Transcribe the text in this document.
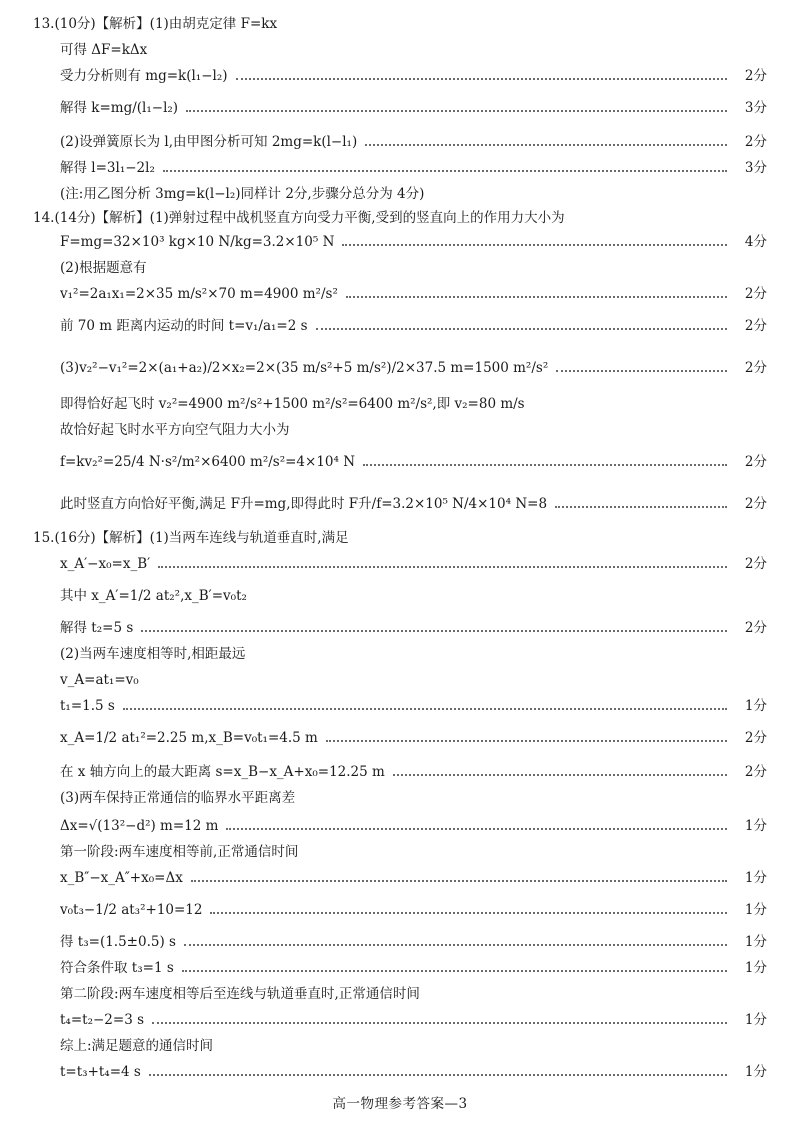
13.(10分)【解析】(1)由胡克定律 F=kx
可得 ΔF=kΔx
受力分析则有 mg=k(l₁−l₂)	2分
解得 k=mg/(l₁−l₂)	3分
(2)设弹簧原长为 l,由甲图分析可知 2mg=k(l−l₁)	2分
解得 l=3l₁−2l₂	3分
(注:用乙图分析 3mg=k(l−l₂)同样计 2分,步骤分总分为 4分)
14.(14分)【解析】(1)弹射过程中战机竖直方向受力平衡,受到的竖直向上的作用力大小为
F=mg=32×10³ kg×10 N/kg=3.2×10⁵ N	4分
(2)根据题意有
v₁²=2a₁x₁=2×35 m/s²×70 m=4900 m²/s²	2分
前 70 m 距离内运动的时间 t=v₁/a₁=2 s	2分
(3)v₂²−v₁²=2×(a₁+a₂)/2×x₂=2×(35 m/s²+5 m/s²)/2×37.5 m=1500 m²/s²	2分
即得恰好起飞时 v₂²=4900 m²/s²+1500 m²/s²=6400 m²/s²,即 v₂=80 m/s
故恰好起飞时水平方向空气阻力大小为
f=kv₂²=25/4 N·s²/m²×6400 m²/s²=4×10⁴ N	2分
此时竖直方向恰好平衡,满足 F升=mg,即得此时 F升/f=3.2×10⁵ N/4×10⁴ N=8	2分
15.(16分)【解析】(1)当两车连线与轨道垂直时,满足
x_A′−x₀=x_B′	2分
其中 x_A′=1/2 at₂²,x_B′=v₀t₂
解得 t₂=5 s	2分
(2)当两车速度相等时,相距最远
v_A=at₁=v₀
t₁=1.5 s	1分
x_A=1/2 at₁²=2.25 m,x_B=v₀t₁=4.5 m	2分
在 x 轴方向上的最大距离 s=x_B−x_A+x₀=12.25 m	2分
(3)两车保持正常通信的临界水平距离差
Δx=√(13²−d²) m=12 m	1分
第一阶段:两车速度相等前,正常通信时间
x_B″−x_A″+x₀=Δx	1分
v₀t₃−1/2 at₃²+10=12	1分
得 t₃=(1.5±0.5) s	1分
符合条件取 t₃=1 s	1分
第二阶段:两车速度相等后至连线与轨道垂直时,正常通信时间
t₄=t₂−2=3 s	1分
综上:满足题意的通信时间
t=t₃+t₄=4 s	1分
高一物理参考答案—3
